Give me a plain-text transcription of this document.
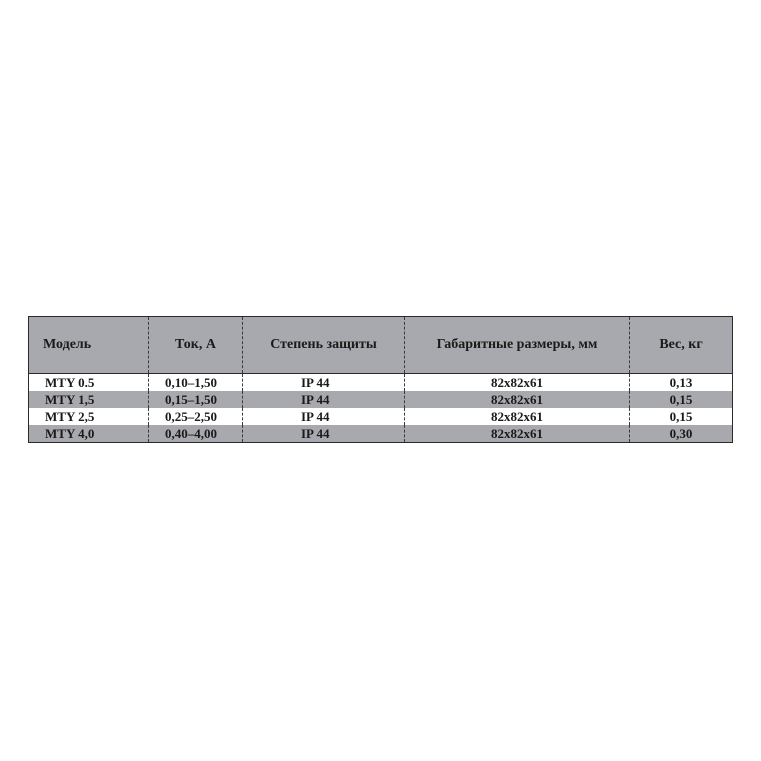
Модель	Ток, А	Степень защиты	Габаритные размеры, мм	Вес, кг
MTY 0.5	0,10–1,50	IP 44	82x82x61	0,13
MTY 1,5	0,15–1,50	IP 44	82x82x61	0,15
MTY 2,5	0,25–2,50	IP 44	82x82x61	0,15
MTY 4,0	0,40–4,00	IP 44	82x82x61	0,30
